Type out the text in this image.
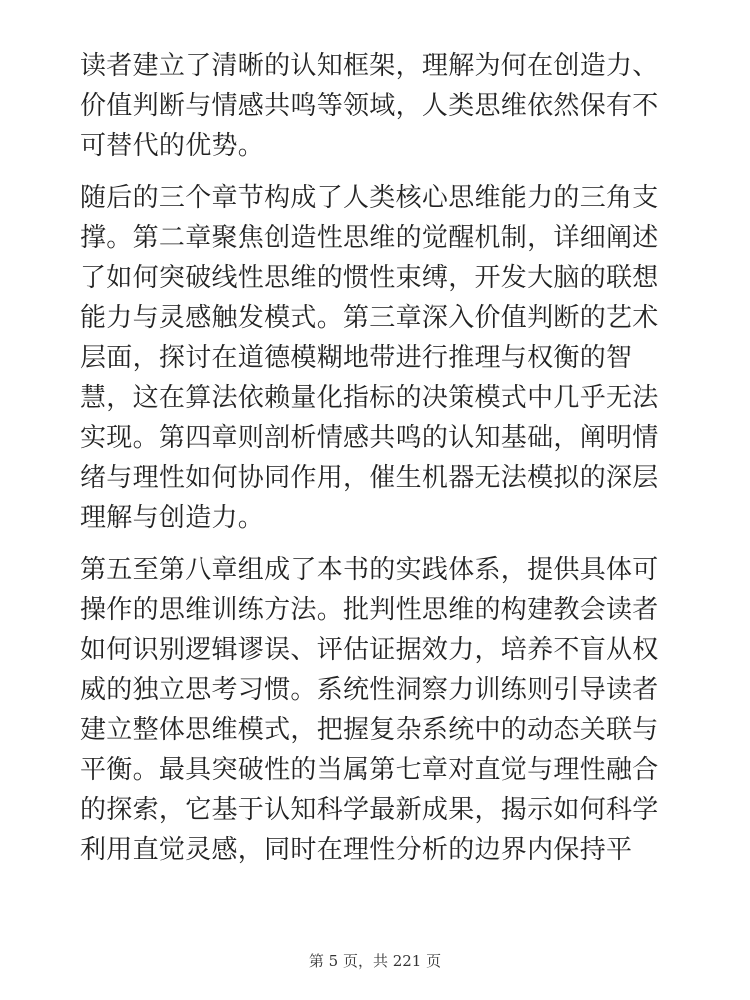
读者建立了清晰的认知框架，理解为何在创造力、
价值判断与情感共鸣等领域，人类思维依然保有不
可替代的优势。

随后的三个章节构成了人类核心思维能力的三角支
撑。第二章聚焦创造性思维的觉醒机制，详细阐述
了如何突破线性思维的惯性束缚，开发大脑的联想
能力与灵感触发模式。第三章深入价值判断的艺术
层面，探讨在道德模糊地带进行推理与权衡的智
慧，这在算法依赖量化指标的决策模式中几乎无法
实现。第四章则剖析情感共鸣的认知基础，阐明情
绪与理性如何协同作用，催生机器无法模拟的深层
理解与创造力。

第五至第八章组成了本书的实践体系，提供具体可
操作的思维训练方法。批判性思维的构建教会读者
如何识别逻辑谬误、评估证据效力，培养不盲从权
威的独立思考习惯。系统性洞察力训练则引导读者
建立整体思维模式，把握复杂系统中的动态关联与
平衡。最具突破性的当属第七章对直觉与理性融合
的探索，它基于认知科学最新成果，揭示如何科学
利用直觉灵感，同时在理性分析的边界内保持平

第 5 页，共 221 页
